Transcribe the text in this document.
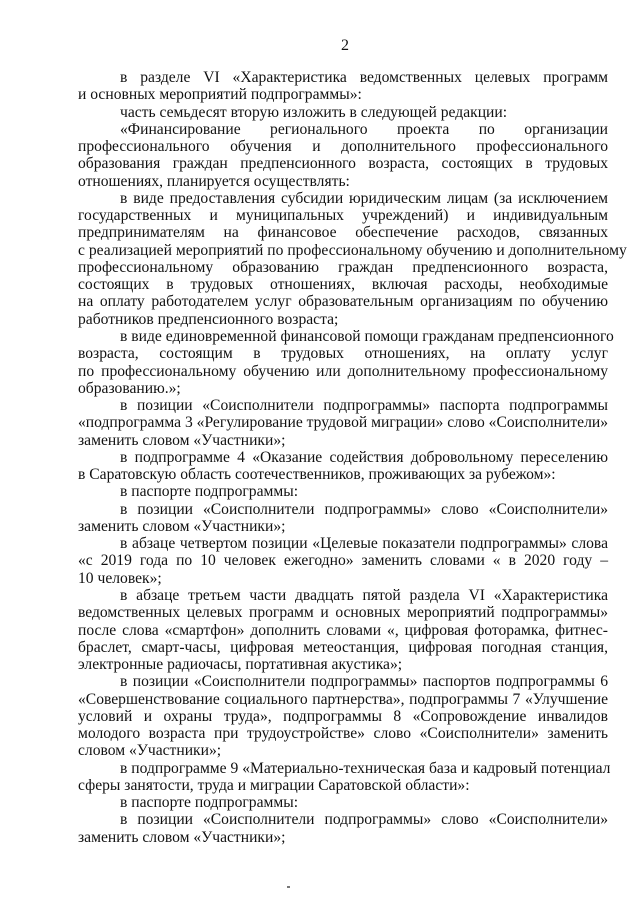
2
в разделе VI «Характеристика ведомственных целевых программ
и основных мероприятий подпрограммы»:
часть семьдесят вторую изложить в следующей редакции:
«Финансирование регионального проекта по организации
профессионального обучения и дополнительного профессионального
образования граждан предпенсионного возраста, состоящих в трудовых
отношениях, планируется осуществлять:
в виде предоставления субсидии юридическим лицам (за исключением
государственных и муниципальных учреждений) и индивидуальным
предпринимателям на финансовое обеспечение расходов, связанных
с реализацией мероприятий по профессиональному обучению и дополнительному
профессиональному образованию граждан предпенсионного возраста,
состоящих в трудовых отношениях, включая расходы, необходимые
на оплату работодателем услуг образовательным организациям по обучению
работников предпенсионного возраста;
в виде единовременной финансовой помощи гражданам предпенсионного
возраста, состоящим в трудовых отношениях, на оплату услуг
по профессиональному обучению или дополнительному профессиональному
образованию.»;
в позиции «Соисполнители подпрограммы» паспорта подпрограммы
«подпрограмма 3 «Регулирование трудовой миграции» слово «Соисполнители»
заменить словом «Участники»;
в подпрограмме 4 «Оказание содействия добровольному переселению
в Саратовскую область соотечественников, проживающих за рубежом»:
в паспорте подпрограммы:
в позиции «Соисполнители подпрограммы» слово «Соисполнители»
заменить словом «Участники»;
в абзаце четвертом позиции «Целевые показатели подпрограммы» слова
«с 2019 года по 10 человек ежегодно» заменить словами « в 2020 году –
10 человек»;
в абзаце третьем части двадцать пятой раздела VI «Характеристика
ведомственных целевых программ и основных мероприятий подпрограммы»
после слова «смартфон» дополнить словами «, цифровая фоторамка, фитнес-
браслет, смарт-часы, цифровая метеостанция, цифровая погодная станция,
электронные радиочасы, портативная акустика»;
в позиции «Соисполнители подпрограммы» паспортов подпрограммы 6
«Совершенствование социального партнерства», подпрограммы 7 «Улучшение
условий и охраны труда», подпрограммы 8 «Сопровождение инвалидов
молодого возраста при трудоустройстве» слово «Соисполнители» заменить
словом «Участники»;
в подпрограмме 9 «Материально-техническая база и кадровый потенциал
сферы занятости, труда и миграции Саратовской области»:
в паспорте подпрограммы:
в позиции «Соисполнители подпрограммы» слово «Соисполнители»
заменить словом «Участники»;
